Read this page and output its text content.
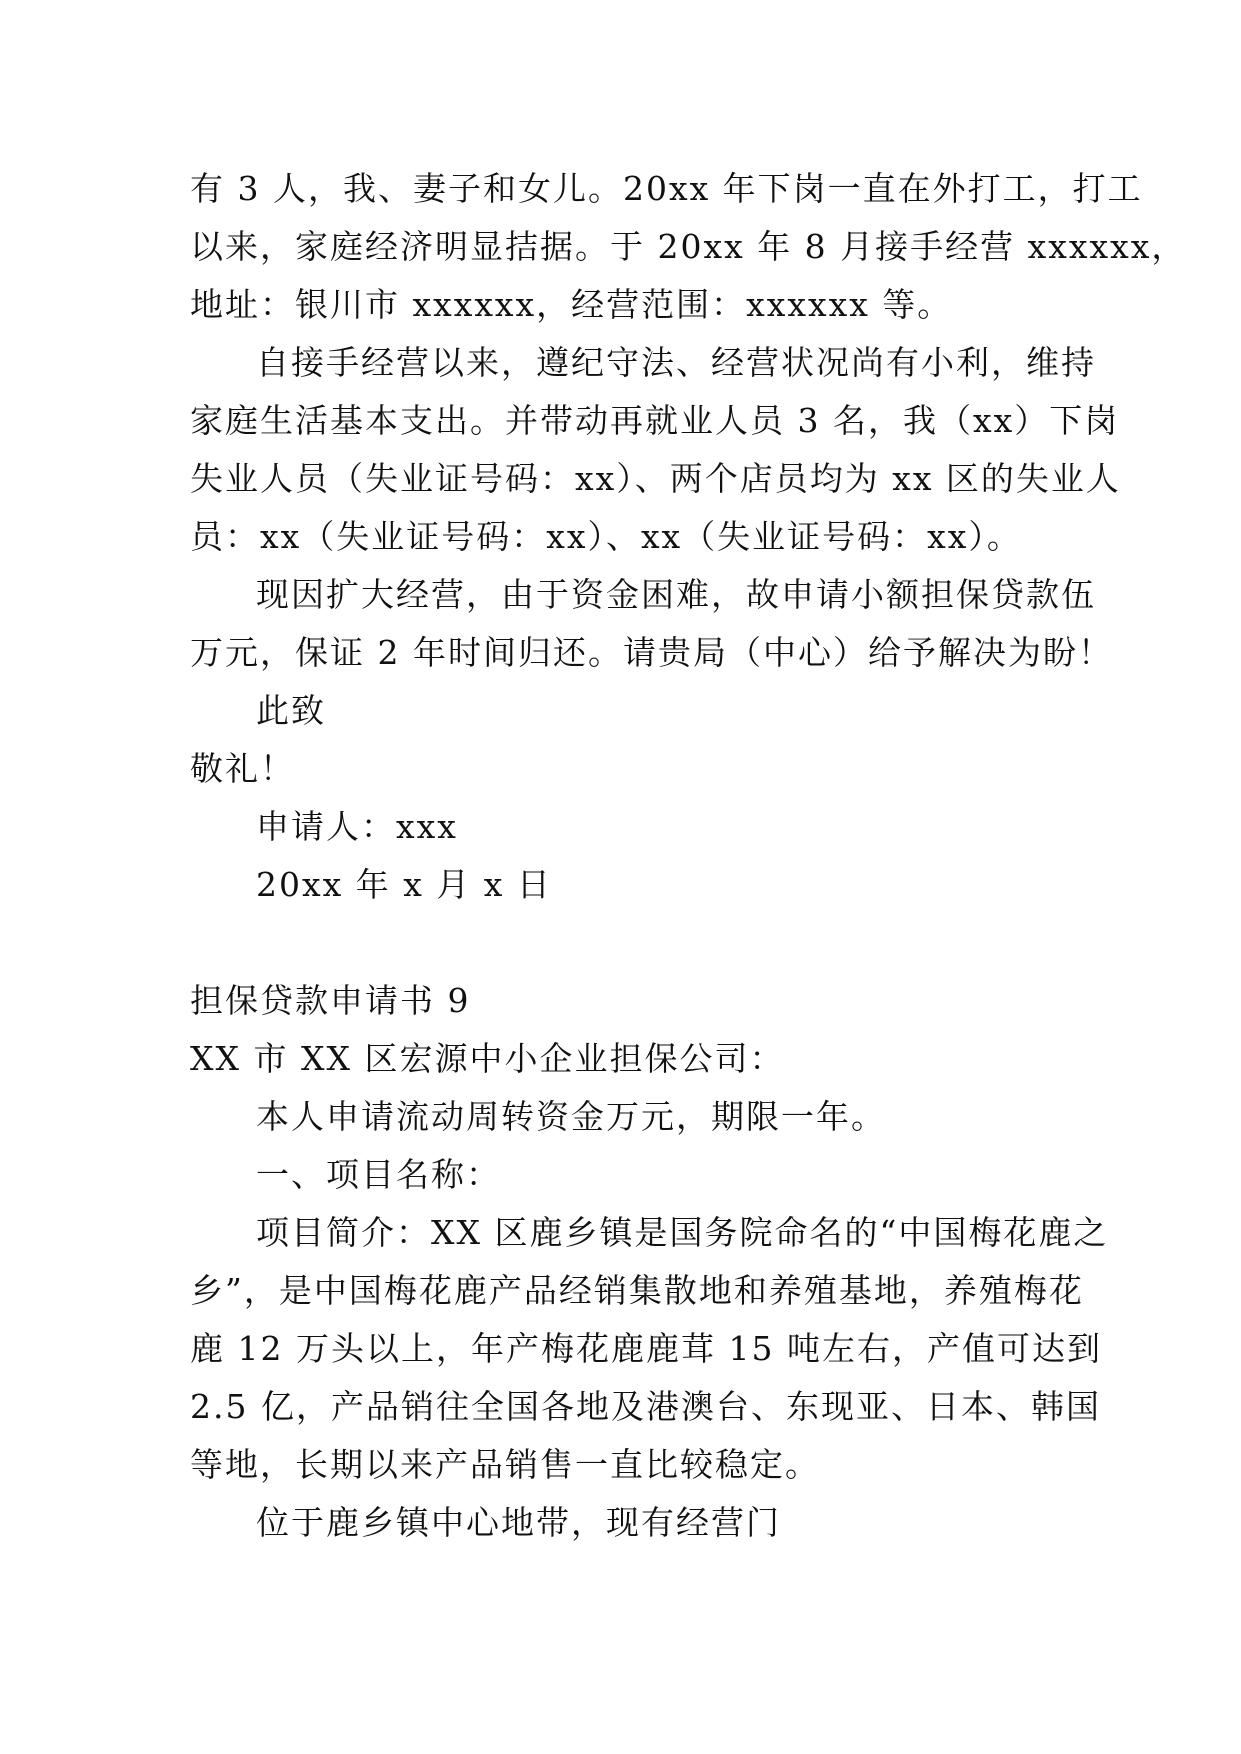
有 3 人，我、妻子和女儿。20xx 年下岗一直在外打工，打工
以来，家庭经济明显拮据。于 20xx 年 8 月接手经营 xxxxxx，
地址：银川市 xxxxxx，经营范围：xxxxxx 等。
自接手经营以来，遵纪守法、经营状况尚有小利，维持
家庭生活基本支出。并带动再就业人员 3 名，我（xx）下岗
失业人员（失业证号码：xx）、两个店员均为 xx 区的失业人
员：xx（失业证号码：xx）、xx（失业证号码：xx）。
现因扩大经营，由于资金困难，故申请小额担保贷款伍
万元，保证 2 年时间归还。请贵局（中心）给予解决为盼！
此致
敬礼！
申请人：xxx
20xx 年 x 月 x 日
担保贷款申请书 9
XX 市 XX 区宏源中小企业担保公司：
本人申请流动周转资金万元，期限一年。
一、项目名称：
项目简介：XX 区鹿乡镇是国务院命名的“中国梅花鹿之
乡”，是中国梅花鹿产品经销集散地和养殖基地，养殖梅花
鹿 12 万头以上，年产梅花鹿鹿茸 15 吨左右，产值可达到
2.5 亿，产品销往全国各地及港澳台、东现亚、日本、韩国
等地，长期以来产品销售一直比较稳定。
位于鹿乡镇中心地带，现有经营门
